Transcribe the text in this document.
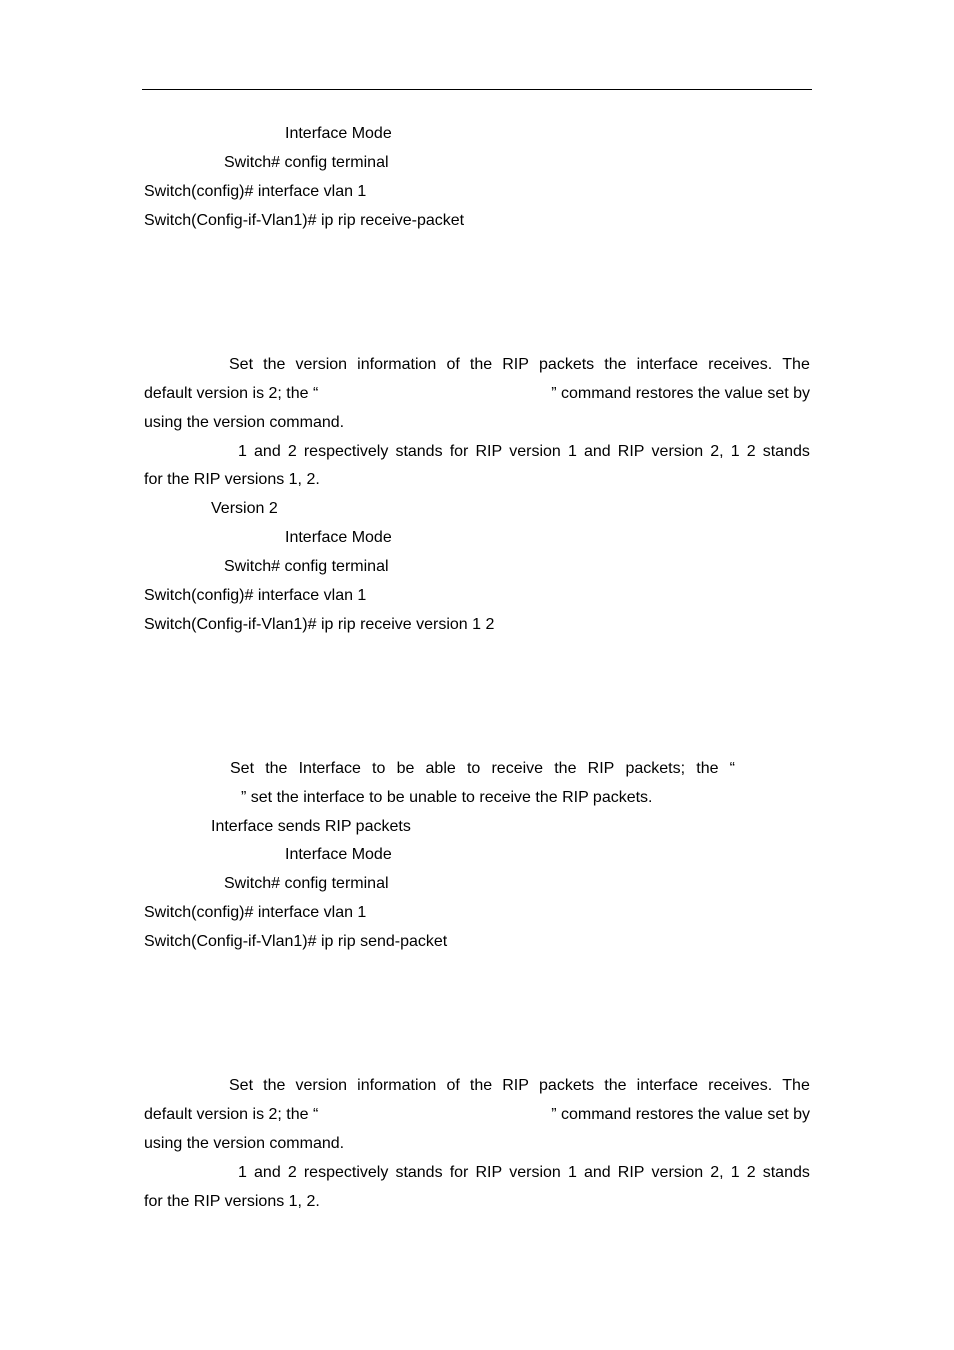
Interface Mode
Switch# config terminal
Switch(config)# interface vlan 1
Switch(Config-if-Vlan1)# ip rip receive-packet
Set the version information of the RIP packets the interface receives. The
default version is 2; the “	” command restores the value set by
using the version command.
1 and 2 respectively stands for RIP version 1 and RIP version 2, 1 2 stands
for the RIP versions 1, 2.
Version 2
Interface Mode
Switch# config terminal
Switch(config)# interface vlan 1
Switch(Config-if-Vlan1)# ip rip receive version 1 2
Set the Interface to be able to receive the RIP packets; the “
” set the interface to be unable to receive the RIP packets.
Interface sends RIP packets
Interface Mode
Switch# config terminal
Switch(config)# interface vlan 1
Switch(Config-if-Vlan1)# ip rip send-packet
Set the version information of the RIP packets the interface receives. The
default version is 2; the “	” command restores the value set by
using the version command.
1 and 2 respectively stands for RIP version 1 and RIP version 2, 1 2 stands
for the RIP versions 1, 2.
